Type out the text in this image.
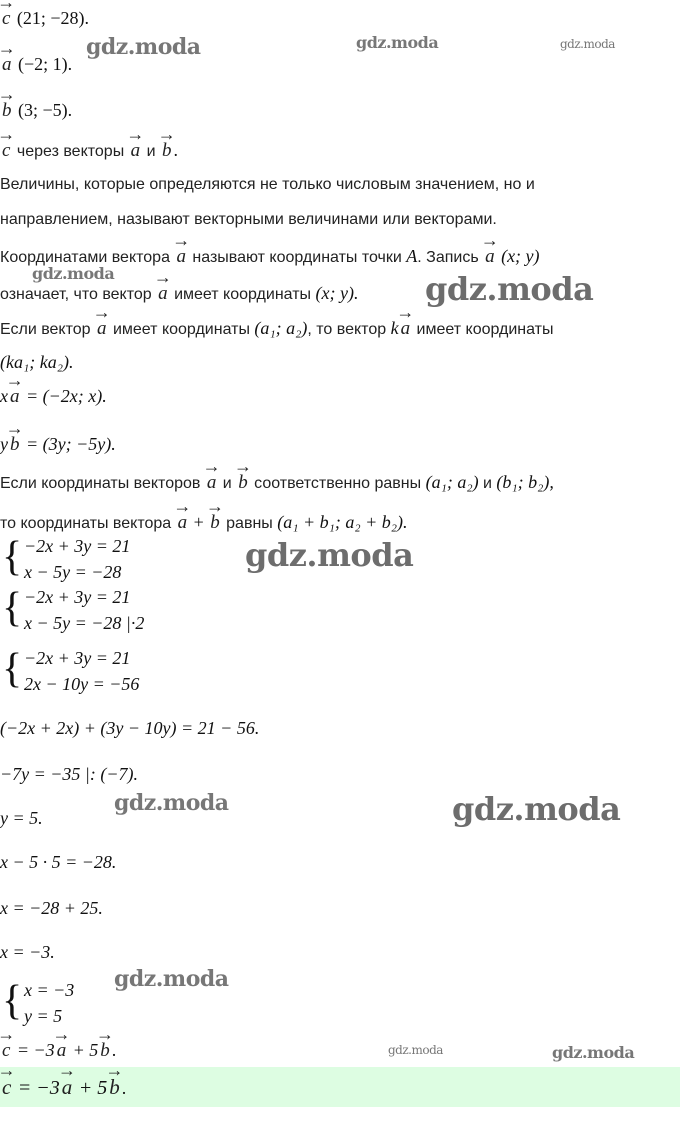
→ c (21; −28).
→ a (−2; 1).
→ b (3; −5).
→ c через векторы → a и → b .
Величины, которые определяются не только числовым значением, но и
направлением, называют векторными величинами или векторами.
Координатами вектора → a называют координаты точки A. Запись → a (x; y)
означает, что вектор → a имеет координаты (x; y).
Если вектор → a имеет координаты (a₁; a₂), то вектор k → a имеет координаты
(ka₁; ka₂).
x → a = (−2x; x).
y → b = (3y; −5y).
Если координаты векторов → a и → b соответственно равны (a₁; a₂) и (b₁; b₂),
то координаты вектора → a + → b равны (a₁ + b₁; a₂ + b₂).
{ −2x + 3y = 21
x − 5y = −28
{ −2x + 3y = 21
x − 5y = −28 |·2
{ −2x + 3y = 21
2x − 10y = −56
(−2x + 2x) + (3y − 10y) = 21 − 56.
−7y = −35 |: (−7).
y = 5.
x − 5 · 5 = −28.
x = −28 + 25.
x = −3.
{ x = −3
y = 5
→ c = −3 → a + 5 → b .
→ c = −3→ a + 5→ b .
gdz.moda	gdz.moda	gdz.moda
gdz.moda	gdz.moda
gdz.moda
gdz.moda	gdz.moda
gdz.moda
gdz.moda	gdz.moda
